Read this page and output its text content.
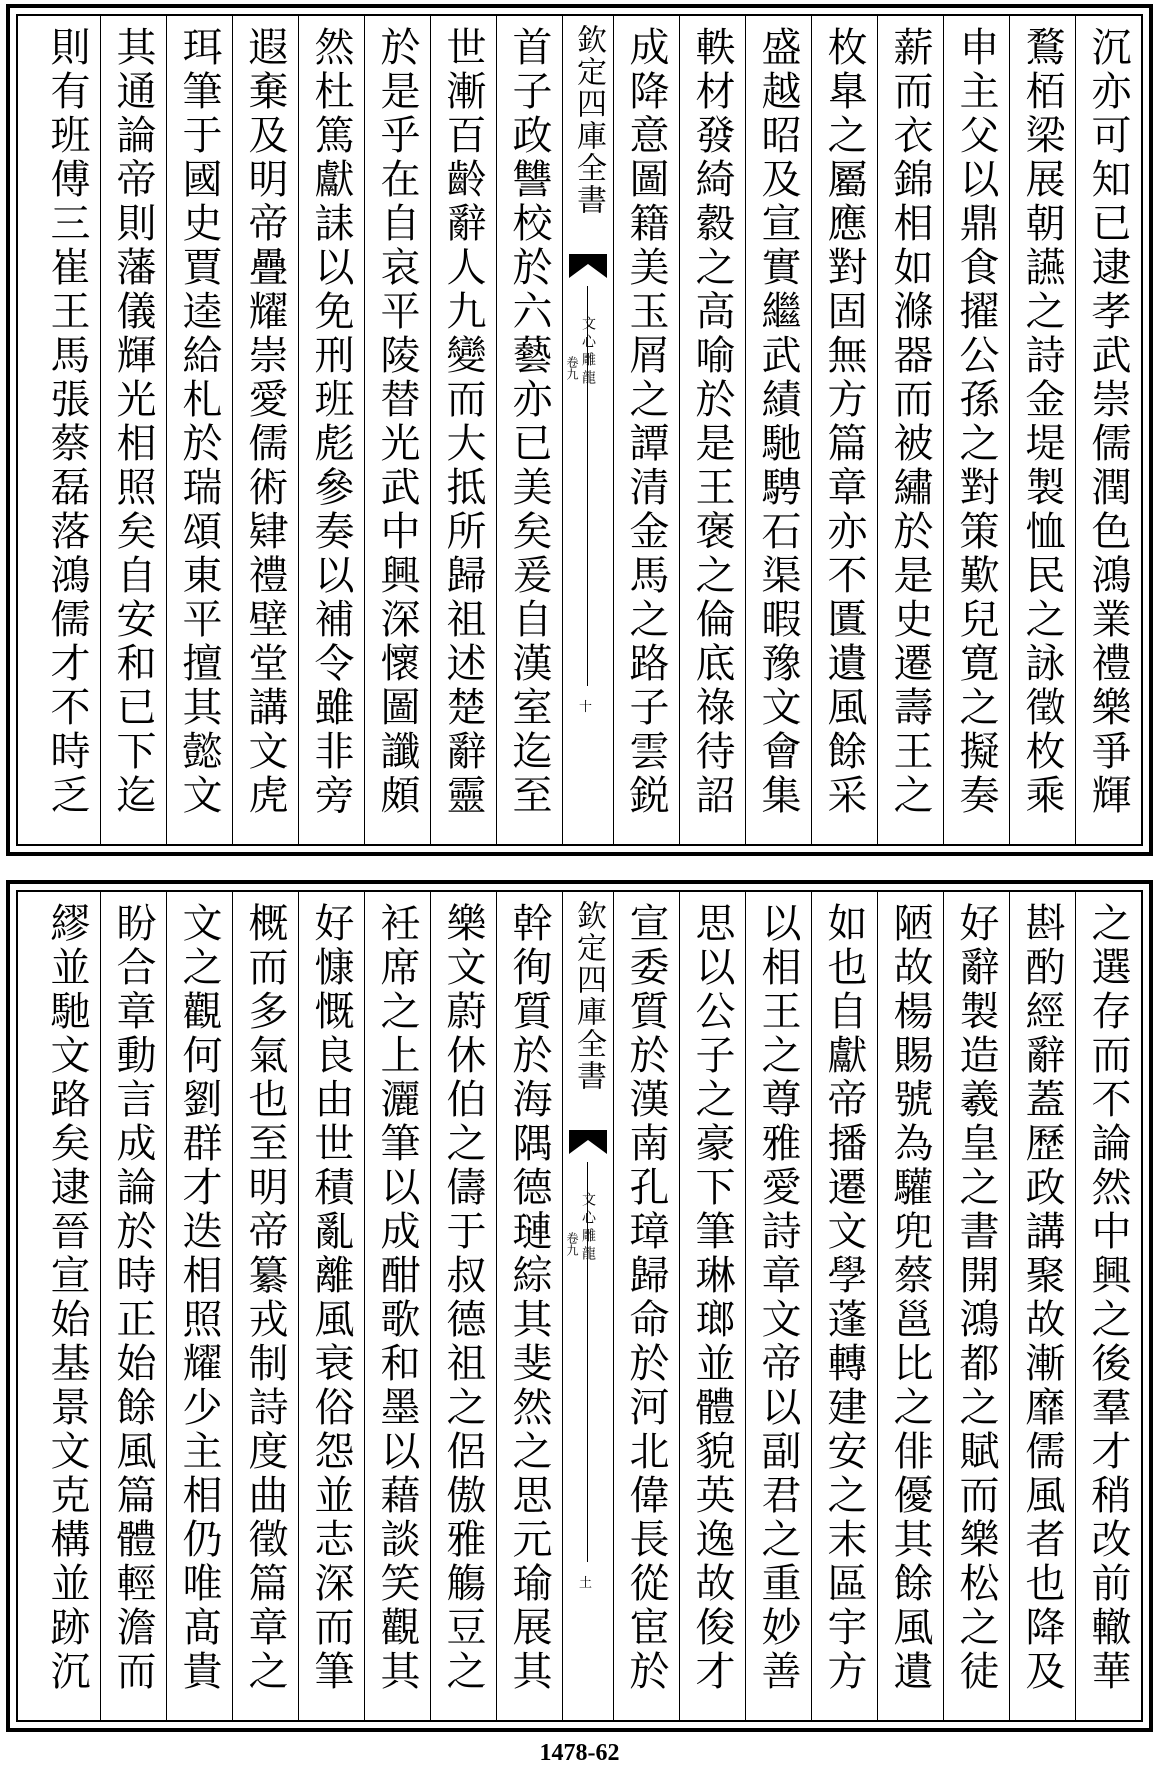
沉亦可知已逮孝武崇儒潤色鴻業禮樂爭輝
鶩栢梁展朝讌之詩金堤製恤民之詠徵枚乘
申主父以鼎食擢公孫之對策歎兒寛之擬奏
薪而衣錦相如滌器而被繡於是史遷壽王之
枚臯之屬應對固無方篇章亦不匱遺風餘采
盛越昭及宣實繼武績馳騁石渠暇豫文會集
軼材發綺縠之高喻於是王褒之倫底祿待詔
成降意圖籍美玉屑之譚清金馬之路子雲鋭
欽定四庫全書
文心雕龍
卷九
十
首子政讐校於六藝亦已美矣爰自漢室迄至
世漸百齡辭人九變而大抵所歸祖述楚辭靈
於是乎在自哀平陵替光武中興深懷圖讖頗
然杜篤獻誄以免刑班彪參奏以補令雖非旁
遐棄及明帝疊耀崇愛儒術肄禮壁堂講文虎
珥筆于國史賈逵給札於瑞頌東平擅其懿文
其通論帝則藩儀輝光相照矣自安和已下迄
則有班傅三崔王馬張蔡磊落鴻儒才不時乏
之選存而不論然中興之後羣才稍改前轍華
斟酌經辭蓋歷政講聚故漸靡儒風者也降及
好辭製造羲皇之書開鴻都之賦而樂松之徒
陋故楊賜號為驩兜蔡邕比之俳優其餘風遺
如也自獻帝播遷文學蓬轉建安之末區宇方
以相王之尊雅愛詩章文帝以副君之重妙善
思以公子之豪下筆琳瑯並體貌英逸故俊才
宣委質於漢南孔璋歸命於河北偉長從宦於
欽定四庫全書
文心雕龍
卷九
土
幹徇質於海隅德璉綜其斐然之思元瑜展其
樂文蔚休伯之儔于叔德祖之侶傲雅觴豆之
衽席之上灑筆以成酣歌和墨以藉談笑觀其
好慷慨良由世積亂離風衰俗怨並志深而筆
概而多氣也至明帝纂戎制詩度曲徵篇章之
文之觀何劉群才迭相照耀少主相仍唯髙貴
盼合章動言成論於時正始餘風篇體輕澹而
繆並馳文路矣逮晉宣始基景文克構並跡沉
1478-62
